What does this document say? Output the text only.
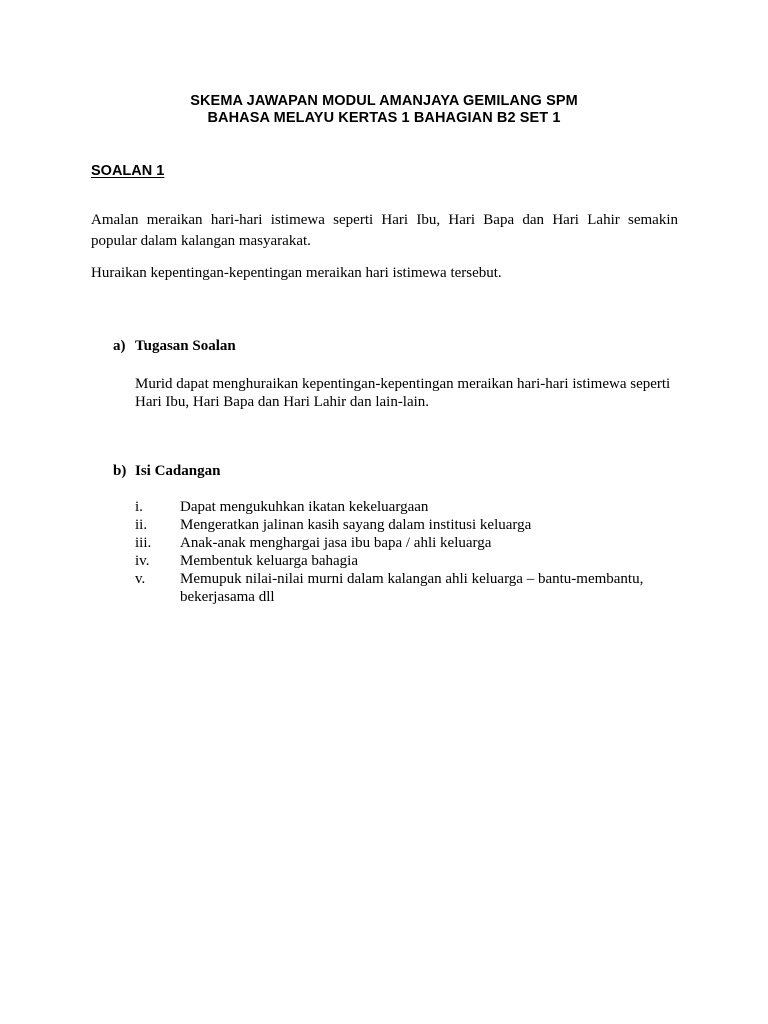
SKEMA JAWAPAN MODUL AMANJAYA GEMILANG SPM
BAHASA MELAYU KERTAS 1 BAHAGIAN B2 SET 1
SOALAN 1
Amalan meraikan hari-hari istimewa seperti Hari Ibu, Hari Bapa dan Hari Lahir semakin
popular dalam kalangan masyarakat.
Huraikan kepentingan-kepentingan meraikan hari istimewa tersebut.
a) Tugasan Soalan
Murid dapat menghuraikan kepentingan-kepentingan meraikan hari-hari istimewa seperti
Hari Ibu, Hari Bapa dan Hari Lahir dan lain-lain.
b) Isi Cadangan
i. Dapat mengukuhkan ikatan kekeluargaan
ii. Mengeratkan jalinan kasih sayang dalam institusi keluarga
iii. Anak-anak menghargai jasa ibu bapa / ahli keluarga
iv. Membentuk keluarga bahagia
v. Memupuk nilai-nilai murni dalam kalangan ahli keluarga – bantu-membantu,
bekerjasama dll
